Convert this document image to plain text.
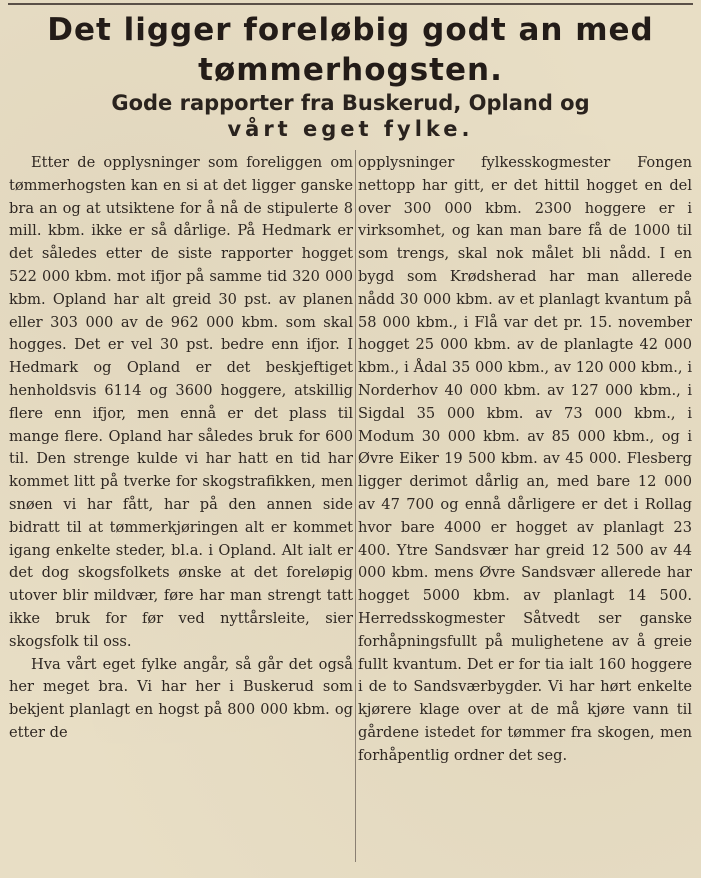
Det ligger foreløbig godt an med tømmerhogsten.
Gode rapporter fra Buskerud, Opland og
vårt eget fylke.

Etter de opplysninger som foreliggen om tømmerhogsten kan en si at det ligger ganske bra an og at utsiktene for å nå de stipulerte 8 mill. kbm. ikke er så dårlige. På Hedmark er det således etter de siste rapporter hogget 522 000 kbm. mot ifjor på samme tid 320 000 kbm. Opland har alt greid 30 pst. av planen eller 303 000 av de 962 000 kbm. som skal hogges. Det er vel 30 pst. bedre enn ifjor. I Hedmark og Opland er det beskjeftiget henholdsvis 6114 og 3600 hoggere, atskillig flere enn ifjor, men ennå er det plass til mange flere. Opland har således bruk for 600 til. Den strenge kulde vi har hatt en tid har kommet litt på tverke for skogstrafikken, men snøen vi har fått, har på den annen side bidratt til at tømmerkjøringen alt er kommet igang enkelte steder, bl.a. i Opland. Alt ialt er det dog skogsfolkets ønske at det foreløpig utover blir mildvær, føre har man strengt tatt ikke bruk for før ved nyttårsleite, sier skogsfolk til oss.

Hva vårt eget fylke angår, så går det også her meget bra. Vi har her i Buskerud som bekjent planlagt en hogst på 800 000 kbm. og etter de

opplysninger fylkesskogmester Fongen nettopp har gitt, er det hittil hogget en del over 300 000 kbm. 2300 hoggere er i virksomhet, og kan man bare få de 1000 til som trengs, skal nok målet bli nådd. I en bygd som Krødsherad har man allerede nådd 30 000 kbm. av et planlagt kvantum på 58 000 kbm., i Flå var det pr. 15. november hogget 25 000 kbm. av de planlagte 42 000 kbm., i Ådal 35 000 kbm., av 120 000 kbm., i Norderhov 40 000 kbm. av 127 000 kbm., i Sigdal 35 000 kbm. av 73 000 kbm., i Modum 30 000 kbm. av 85 000 kbm., og i Øvre Eiker 19 500 kbm. av 45 000. Flesberg ligger derimot dårlig an, med bare 12 000 av 47 700 og ennå dårligere er det i Rollag hvor bare 4000 er hogget av planlagt 23 400. Ytre Sandsvær har greid 12 500 av 44 000 kbm. mens Øvre Sandsvær allerede har hogget 5000 kbm. av planlagt 14 500. Herredsskogmester Såtvedt ser ganske forhåpningsfullt på mulighetene av å greie fullt kvantum. Det er for tia ialt 160 hoggere i de to Sandsværbygder. Vi har hørt enkelte kjørere klage over at de må kjøre vann til gårdene istedet for tømmer fra skogen, men forhåpentlig ordner det seg.
